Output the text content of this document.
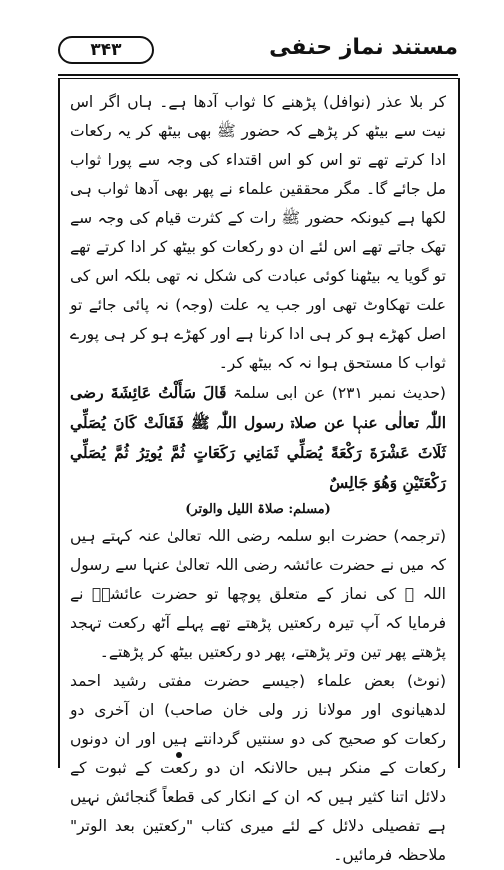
۳۴۳	مستند نماز حنفی

کر بلا عذر (نوافل) پڑھنے کا ثواب آدھا ہے۔ ہاں اگر اس نیت سے بیٹھ کر پڑھے کہ حضور ﷺ بھی بیٹھ کر یہ رکعات ادا کرتے تھے تو اس کو اس اقتداء کی وجہ سے پورا ثواب مل جائے گا۔ مگر محققین علماء نے پھر بھی آدھا ثواب ہی لکھا ہے کیونکہ حضور ﷺ رات کے کثرت قیام کی وجہ سے تھک جاتے تھے اس لئے ان دو رکعات کو بیٹھ کر ادا کرتے تھے تو گویا یہ بیٹھنا کوئی عبادت کی شکل نہ تھی بلکہ اس کی علت تھکاوٹ تھی اور جب یہ علت (وجہ) نہ پائی جائے تو اصل کھڑے ہو کر ہی ادا کرنا ہے اور کھڑے ہو کر ہی پورے ثواب کا مستحق ہوا نہ کہ بیٹھ کر۔

(حدیث نمبر ۲۳۱) عن ابی سلمۃ قَالَ سَأَلْتُ عَائِشَةَ رضی اللّٰہ تعالٰی عنہا عن صلاۃ رسول اللّٰہ ﷺ فَقَالَتْ كَانَ يُصَلِّي ثَلَاثَ عَشْرَةَ رَكْعَةً يُصَلِّي ثَمَانِي رَكَعَاتٍ ثُمَّ يُوتِرُ ثُمَّ يُصَلِّي رَكْعَتَيْنِ وَهُوَ جَالِسٌ

(مسلم: صلاۃ اللیل والوتر)

(ترجمہ) حضرت ابو سلمہ رضی اللہ تعالیٰ عنہ کہتے ہیں کہ میں نے حضرت عائشہ رضی اللہ تعالیٰ عنہا سے رسول اللہ ﷺ کی نماز کے متعلق پوچھا تو حضرت عائشہؓ نے فرمایا کہ آپ تیرہ رکعتیں پڑھتے تھے پہلے آٹھ رکعت تہجد پڑھتے پھر تین وتر پڑھتے، پھر دو رکعتیں بیٹھ کر پڑھتے۔

(نوٹ) بعض علماء (جیسے حضرت مفتی رشید احمد لدھیانوی اور مولانا زر ولی خان صاحب) ان آخری دو رکعات کو صحیح کی دو سنتیں گردانتے ہیں اور ان دونوں رکعات کے منکر ہیں حالانکہ ان دو رکعت کے ثبوت کے دلائل اتنا کثیر ہیں کہ ان کے انکار کی قطعاً گنجائش نہیں ہے تفصیلی دلائل کے لئے میری کتاب "رکعتین بعد الوتر" ملاحظہ فرمائیں۔
